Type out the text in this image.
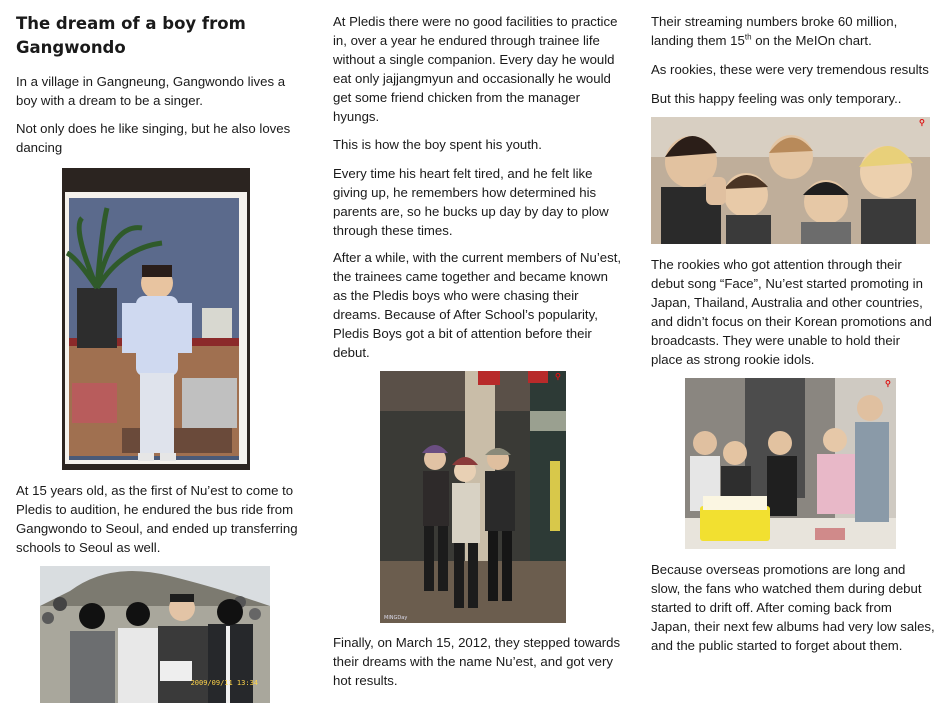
The dream of a boy from Gangwondo

In a village in Gangneung, Gangwondo lives a boy with a dream to be a singer.

Not only does he like singing, but he also loves dancing

At 15 years old, as the first of Nu’est to come to Pledis to audition, he endured the bus ride from Gangwondo to Seoul, and ended up transferring schools to Seoul as well.

2009/09/11 13:34

At Pledis there were no good facilities to practice in, over a year he endured through trainee life without a single companion. Every day he would eat only jajjangmyun and occasionally he would get some friend chicken from the manager hyungs.

This is how the boy spent his youth.

Every time his heart felt tired, and he felt like giving up, he remembers how determined his parents are, so he bucks up day by day to plow through these times.

After a while, with the current members of Nu’est, the trainees came together and became known as the Pledis boys who were chasing their dreams. Because of After School’s popularity, Pledis Boys got a bit of attention before their debut.

⚲
MINGDay

Finally, on March 15, 2012, they stepped towards their dreams with the name Nu’est, and got very hot results.

Their streaming numbers broke 60 million, landing them 15th on the MeIOn chart.

As rookies, these were very tremendous results

But this happy feeling was only temporary..

⚲

The rookies who got attention through their debut song “Face”, Nu’est started promoting in Japan, Thailand, Australia and other countries, and didn’t focus on their Korean promotions and broadcasts. They were unable to hold their place as strong rookie idols.

⚲

Because overseas promotions are long and slow, the fans who watched them during debut started to drift off. After coming back from Japan, their next few albums had very low sales, and the public started to forget about them.
